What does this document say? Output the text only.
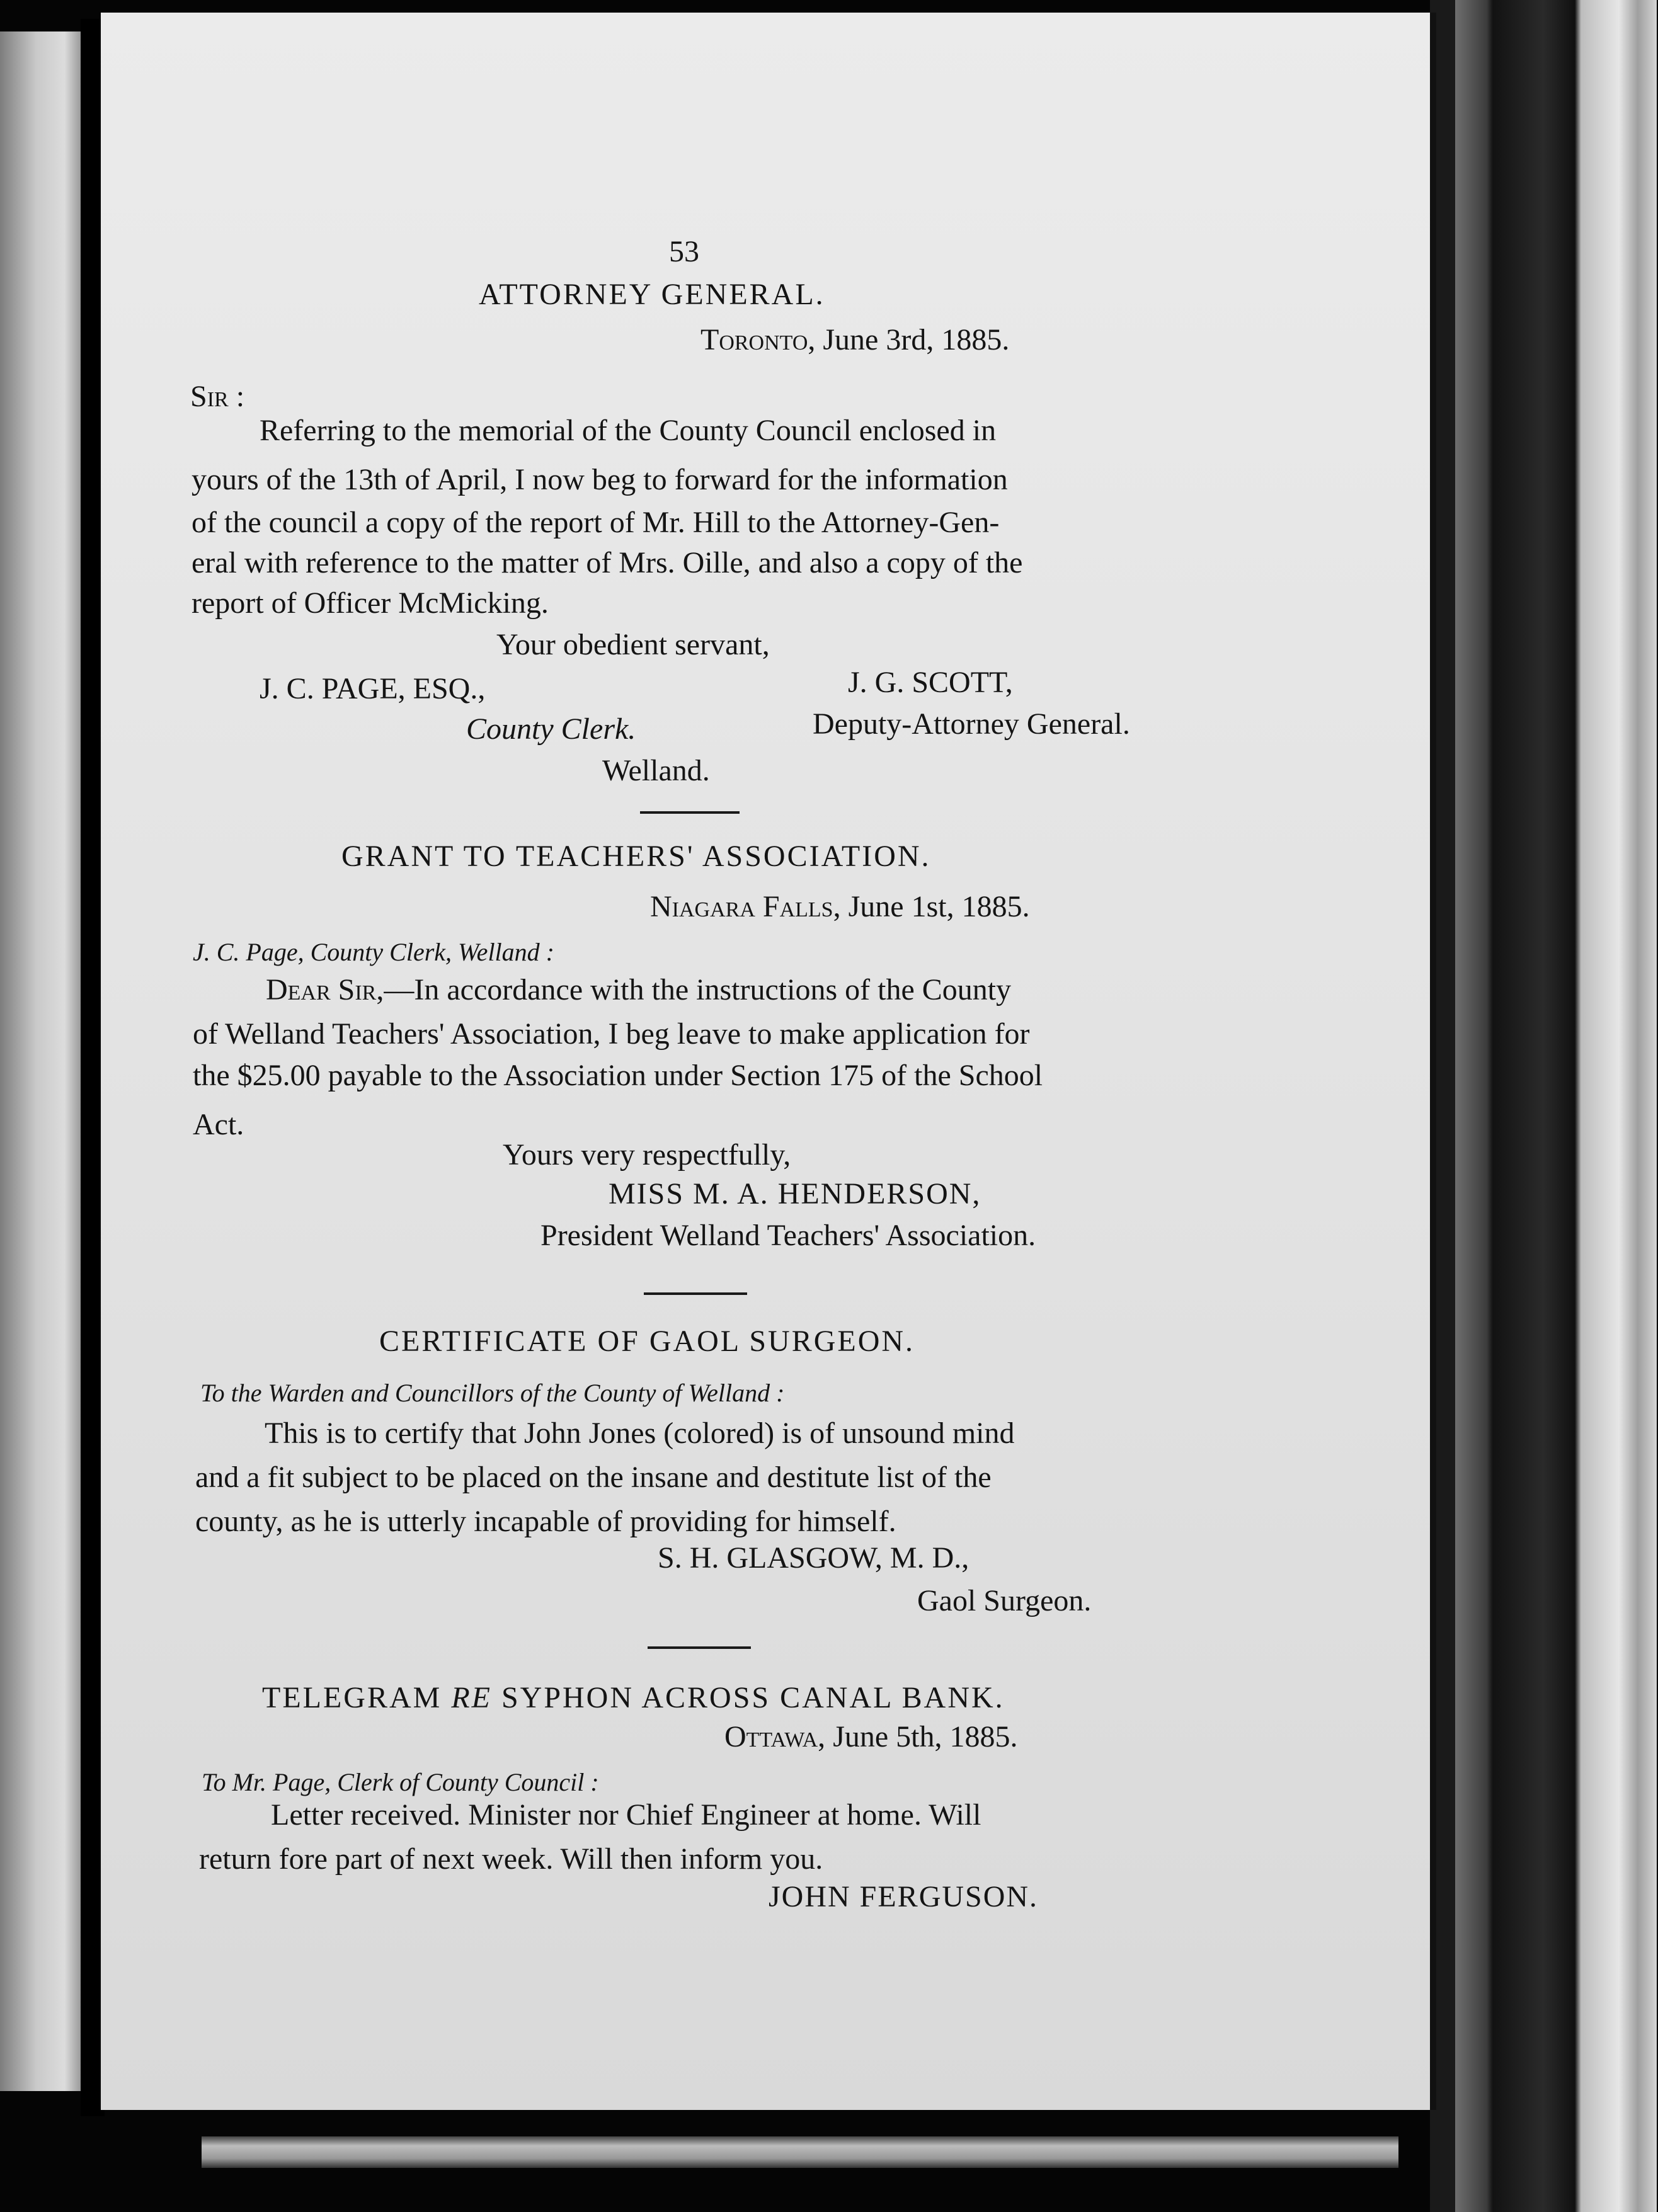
53
ATTORNEY GENERAL.
Toronto, June 3rd, 1885.
Sir :
Referring to the memorial of the County Council enclosed in
yours of the 13th of April, I now beg to forward for the information
of the council a copy of the report of Mr. Hill to the Attorney-Gen-
eral with reference to the matter of Mrs. Oille, and also a copy of the
report of Officer McMicking.
Your obedient servant,
J. C. PAGE, ESQ.,	J. G. SCOTT,
County Clerk.	Deputy-Attorney General.
Welland.
GRANT TO TEACHERS' ASSOCIATION.
Niagara Falls, June 1st, 1885.
J. C. Page, County Clerk, Welland :
Dear Sir,—In accordance with the instructions of the County
of Welland Teachers' Association, I beg leave to make application for
the $25.00 payable to the Association under Section 175 of the School
Act.
Yours very respectfully,
MISS M. A. HENDERSON,
President Welland Teachers' Association.
CERTIFICATE OF GAOL SURGEON.
To the Warden and Councillors of the County of Welland :
This is to certify that John Jones (colored) is of unsound mind
and a fit subject to be placed on the insane and destitute list of the
county, as he is utterly incapable of providing for himself.
S. H. GLASGOW, M. D.,
Gaol Surgeon.
TELEGRAM RE SYPHON ACROSS CANAL BANK.
Ottawa, June 5th, 1885.
To Mr. Page, Clerk of County Council :
Letter received. Minister nor Chief Engineer at home. Will
return fore part of next week. Will then inform you.
JOHN FERGUSON.
